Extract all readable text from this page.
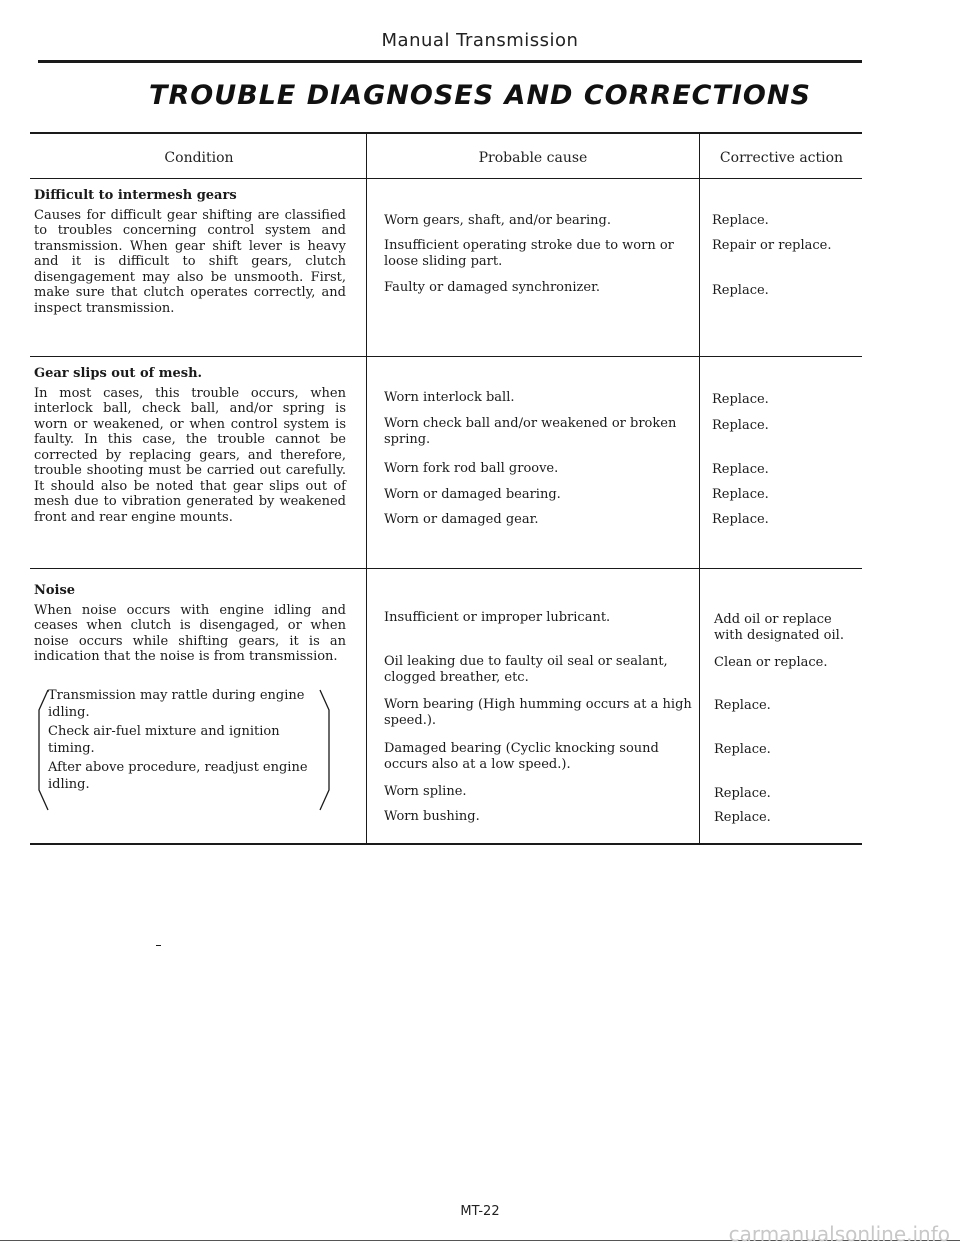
Manual Transmission
TROUBLE DIAGNOSES AND CORRECTIONS
Condition	Probable cause	Corrective action
Difficult to intermesh gears
Causes for difficult gear shifting are classified to troubles concerning control system and transmission. When gear shift lever is heavy and it is difficult to shift gears, clutch disengagement may also be unsmooth. First, make sure that clutch operates correctly, and inspect transmission.
Worn gears, shaft, and/or bearing.
Insufficient operating stroke due to worn or loose sliding part.
Faulty or damaged synchronizer.
Replace.
Repair or replace.
Replace.
Gear slips out of mesh.
In most cases, this trouble occurs, when interlock ball, check ball, and/or spring is worn or weakened, or when control system is faulty. In this case, the trouble cannot be corrected by replacing gears, and therefore, trouble shooting must be carried out carefully. It should also be noted that gear slips out of mesh due to vibration generated by weakened front and rear engine mounts.
Worn interlock ball.
Worn check ball and/or weakened or broken spring.
Worn fork rod ball groove.
Worn or damaged bearing.
Worn or damaged gear.
Replace.
Replace.
Replace.
Replace.
Replace.
Noise
When noise occurs with engine idling and ceases when clutch is disengaged, or when noise occurs while shifting gears, it is an indication that the noise is from transmission.
Transmission may rattle during engine idling.
Check air-fuel mixture and ignition timing.
After above procedure, readjust engine idling.
Insufficient or improper lubricant.
Oil leaking due to faulty oil seal or sealant, clogged breather, etc.
Worn bearing (High humming occurs at a high speed.).
Damaged bearing (Cyclic knocking sound occurs also at a low speed.).
Worn spline.
Worn bushing.
Add oil or replace with designated oil.
Clean or replace.
Replace.
Replace.
Replace.
Replace.
MT-22
carmanualsonline.info
